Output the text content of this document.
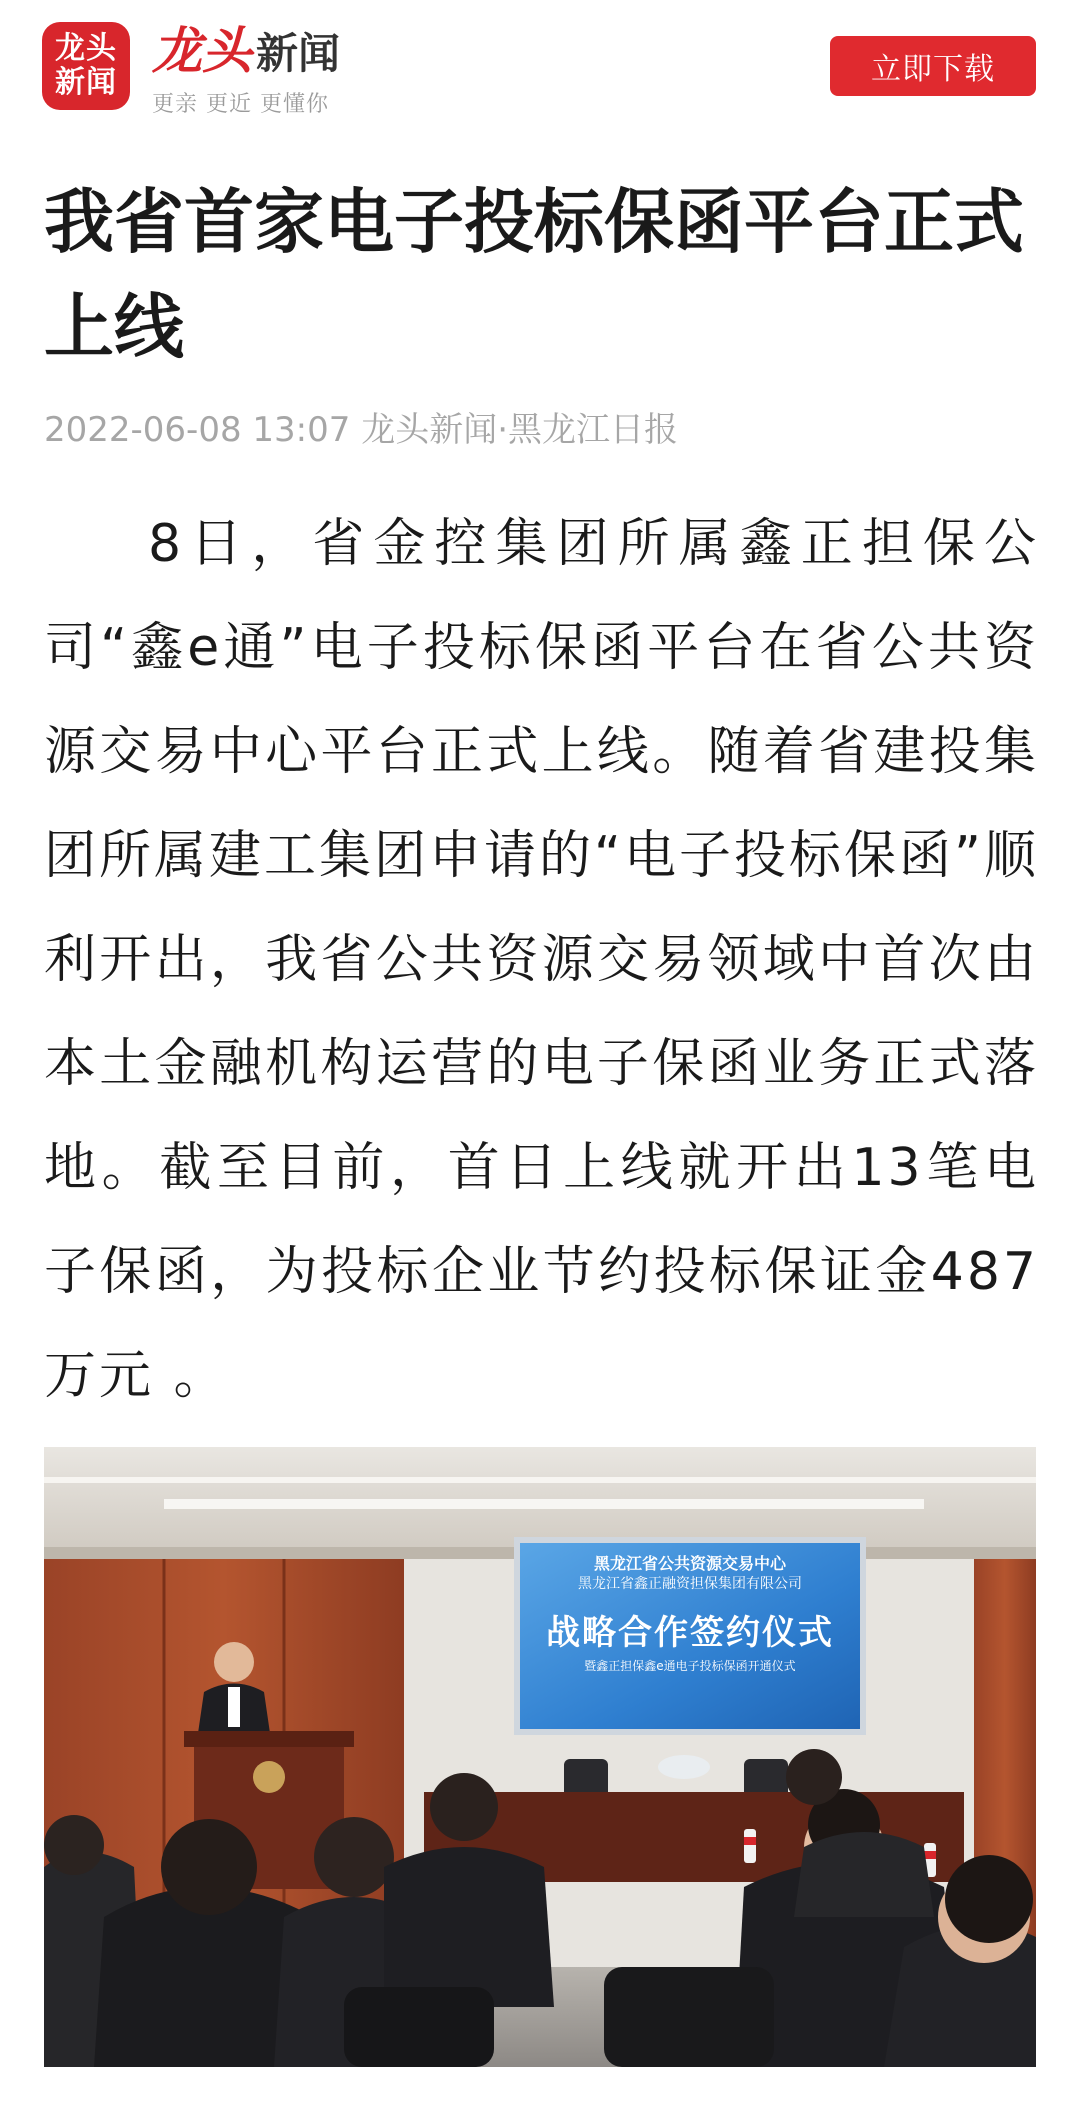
龙头
新闻
龙头 新闻
更亲 更近 更懂你
立即下载
我省首家电子投标保函平台正式上线
2022-06-08 13:07 龙头新闻·黑龙江日报

8日，省金控集团所属鑫正担保公司“鑫e通”电子投标保函平台在省公共资源交易中心平台正式上线。随着省建投集团所属建工集团申请的“电子投标保函”顺利开出，我省公共资源交易领域中首次由本土金融机构运营的电子保函业务正式落地。截至目前，首日上线就开出13笔电子保函，为投标企业节约投标保证金487万元 。

黑龙江省公共资源交易中心
黑龙江省鑫正融资担保集团有限公司
战略合作签约仪式
暨鑫正担保鑫e通电子投标保函开通仪式
